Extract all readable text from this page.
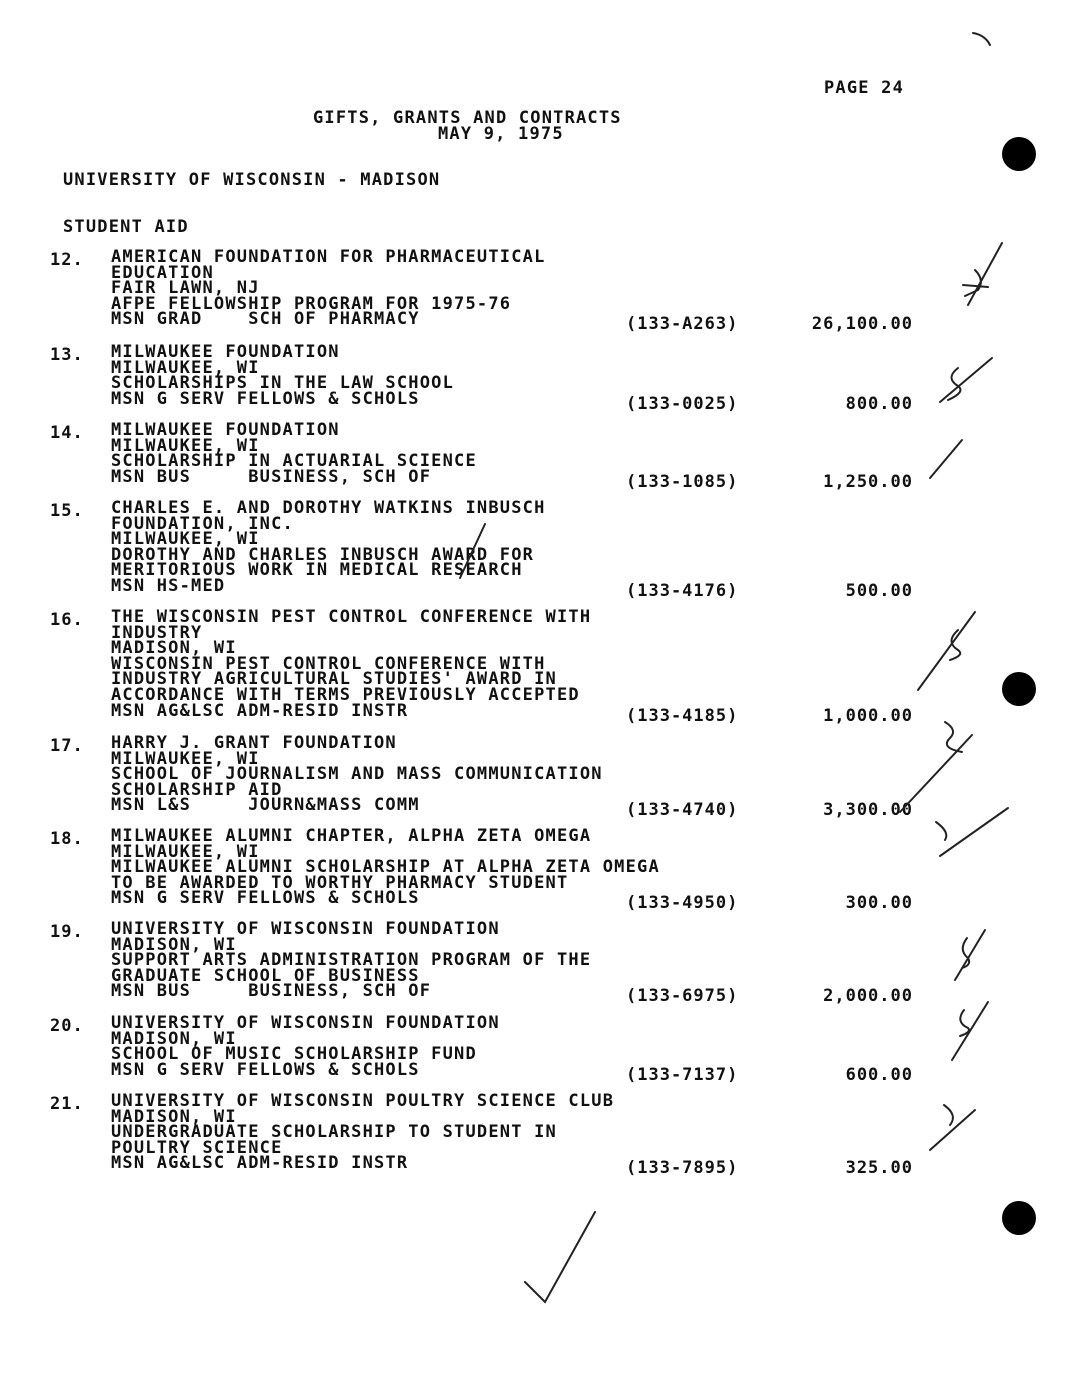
PAGE 24
GIFTS, GRANTS AND CONTRACTS
MAY 9, 1975
UNIVERSITY OF WISCONSIN - MADISON
STUDENT AID
12. AMERICAN FOUNDATION FOR PHARMACEUTICAL
EDUCATION
FAIR LAWN, NJ
AFPE FELLOWSHIP PROGRAM FOR 1975-76
MSN GRAD    SCH OF PHARMACY	(133-A263)	26,100.00
13. MILWAUKEE FOUNDATION
MILWAUKEE, WI
SCHOLARSHIPS IN THE LAW SCHOOL
MSN G SERV FELLOWS & SCHOLS	(133-0025)	800.00
14. MILWAUKEE FOUNDATION
MILWAUKEE, WI
SCHOLARSHIP IN ACTUARIAL SCIENCE
MSN BUS     BUSINESS, SCH OF	(133-1085)	1,250.00
15. CHARLES E. AND DOROTHY WATKINS INBUSCH
FOUNDATION, INC.
MILWAUKEE, WI
DOROTHY AND CHARLES INBUSCH AWARD FOR
MERITORIOUS WORK IN MEDICAL RESEARCH
MSN HS-MED	(133-4176)	500.00
16. THE WISCONSIN PEST CONTROL CONFERENCE WITH
INDUSTRY
MADISON, WI
WISCONSIN PEST CONTROL CONFERENCE WITH
INDUSTRY AGRICULTURAL STUDIES' AWARD IN
ACCORDANCE WITH TERMS PREVIOUSLY ACCEPTED
MSN AG&LSC ADM-RESID INSTR	(133-4185)	1,000.00
17. HARRY J. GRANT FOUNDATION
MILWAUKEE, WI
SCHOOL OF JOURNALISM AND MASS COMMUNICATION
SCHOLARSHIP AID
MSN L&S     JOURN&MASS COMM	(133-4740)	3,300.00
18. MILWAUKEE ALUMNI CHAPTER, ALPHA ZETA OMEGA
MILWAUKEE, WI
MILWAUKEE ALUMNI SCHOLARSHIP AT ALPHA ZETA OMEGA
TO BE AWARDED TO WORTHY PHARMACY STUDENT
MSN G SERV FELLOWS & SCHOLS	(133-4950)	300.00
19. UNIVERSITY OF WISCONSIN FOUNDATION
MADISON, WI
SUPPORT ARTS ADMINISTRATION PROGRAM OF THE
GRADUATE SCHOOL OF BUSINESS
MSN BUS     BUSINESS, SCH OF	(133-6975)	2,000.00
20. UNIVERSITY OF WISCONSIN FOUNDATION
MADISON, WI
SCHOOL OF MUSIC SCHOLARSHIP FUND
MSN G SERV FELLOWS & SCHOLS	(133-7137)	600.00
21. UNIVERSITY OF WISCONSIN POULTRY SCIENCE CLUB
MADISON, WI
UNDERGRADUATE SCHOLARSHIP TO STUDENT IN
POULTRY SCIENCE
MSN AG&LSC ADM-RESID INSTR	(133-7895)	325.00
